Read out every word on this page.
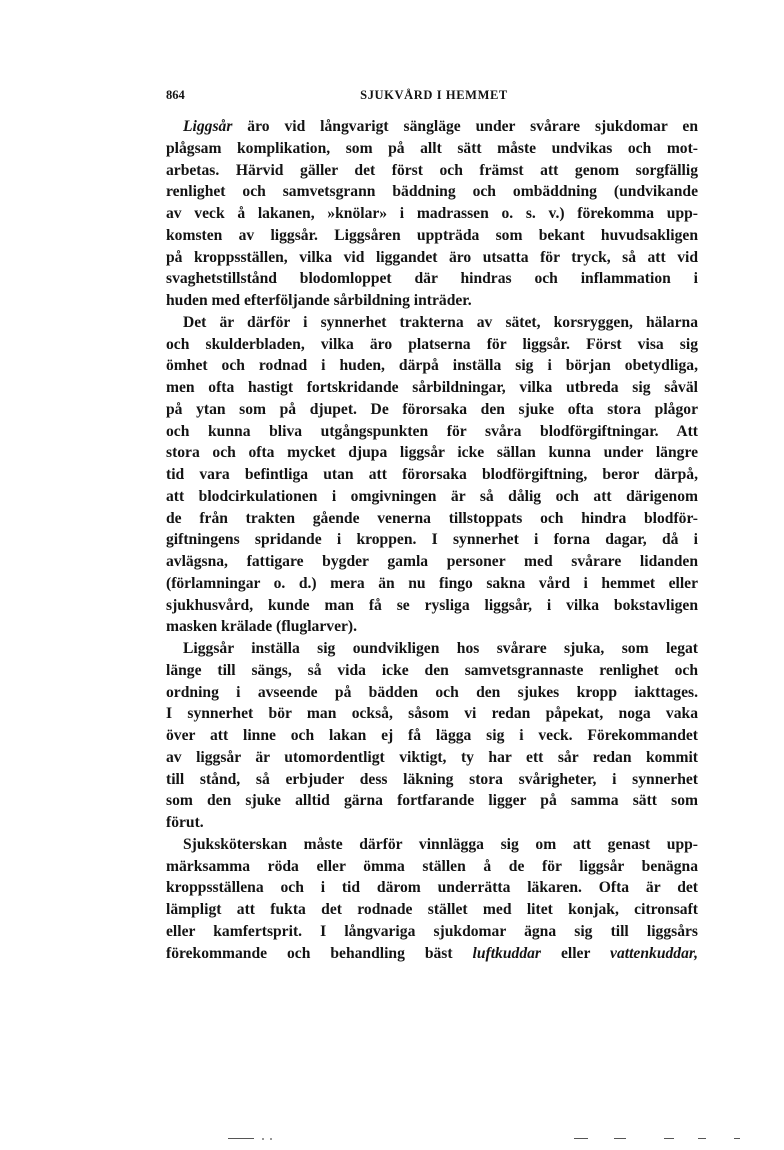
864	SJUKVÅRD I HEMMET
Liggsår äro vid långvarigt sängläge under svårare sjukdomar en
plågsam komplikation, som på allt sätt måste undvikas och mot-
arbetas. Härvid gäller det först och främst att genom sorgfällig
renlighet och samvetsgrann bäddning och ombäddning (undvikande
av veck å lakanen, »knölar» i madrassen o. s. v.) förekomma upp-
komsten av liggsår. Liggsåren uppträda som bekant huvudsakligen
på kroppsställen, vilka vid liggandet äro utsatta för tryck, så att vid
svaghetstillstånd blodomloppet där hindras och inflammation i
huden med efterföljande sårbildning inträder.
Det är därför i synnerhet trakterna av sätet, korsryggen, hälarna
och skulderbladen, vilka äro platserna för liggsår. Först visa sig
ömhet och rodnad i huden, därpå inställa sig i början obetydliga,
men ofta hastigt fortskridande sårbildningar, vilka utbreda sig såväl
på ytan som på djupet. De förorsaka den sjuke ofta stora plågor
och kunna bliva utgångspunkten för svåra blodförgiftningar. Att
stora och ofta mycket djupa liggsår icke sällan kunna under längre
tid vara befintliga utan att förorsaka blodförgiftning, beror därpå,
att blodcirkulationen i omgivningen är så dålig och att därigenom
de från trakten gående venerna tillstoppats och hindra blodför-
giftningens spridande i kroppen. I synnerhet i forna dagar, då i
avlägsna, fattigare bygder gamla personer med svårare lidanden
(förlamningar o. d.) mera än nu fingo sakna vård i hemmet eller
sjukhusvård, kunde man få se rysliga liggsår, i vilka bokstavligen
masken krälade (fluglarver).
Liggsår inställa sig oundvikligen hos svårare sjuka, som legat
länge till sängs, så vida icke den samvetsgrannaste renlighet och
ordning i avseende på bädden och den sjukes kropp iakttages.
I synnerhet bör man också, såsom vi redan påpekat, noga vaka
över att linne och lakan ej få lägga sig i veck. Förekommandet
av liggsår är utomordentligt viktigt, ty har ett sår redan kommit
till stånd, så erbjuder dess läkning stora svårigheter, i synnerhet
som den sjuke alltid gärna fortfarande ligger på samma sätt som
förut.
Sjuksköterskan måste därför vinnlägga sig om att genast upp-
märksamma röda eller ömma ställen å de för liggsår benägna
kroppsställena och i tid därom underrätta läkaren. Ofta är det
lämpligt att fukta det rodnade stället med litet konjak, citronsaft
eller kamfertsprit. I långvariga sjukdomar ägna sig till liggsårs
förekommande och behandling bäst luftkuddar eller vattenkuddar,
